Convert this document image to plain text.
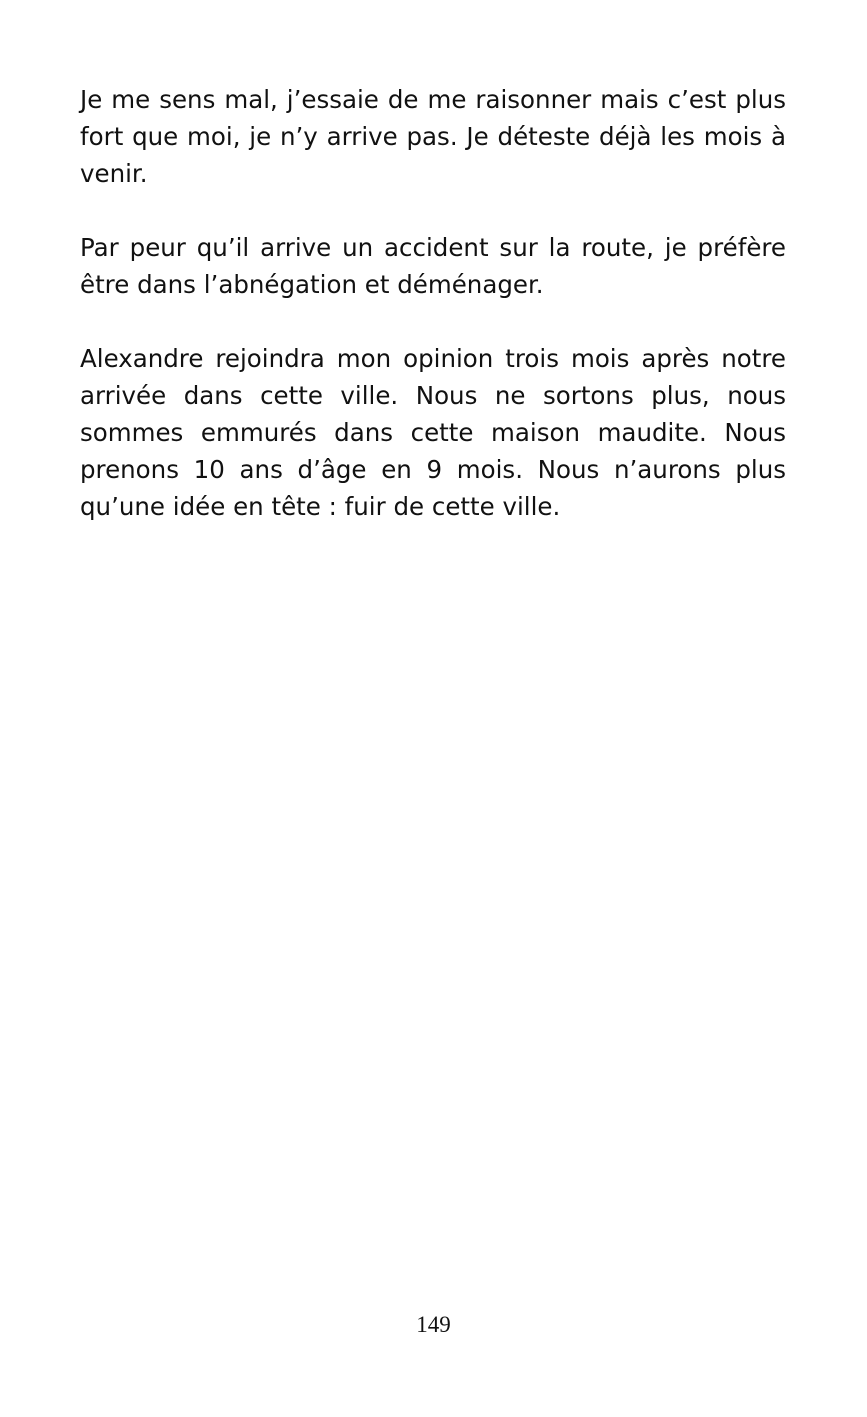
Je me sens mal, j’essaie de me raisonner mais c’est plus fort que moi, je n’y arrive pas. Je déteste déjà les mois à venir.

Par peur qu’il arrive un accident sur la route, je préfère être dans l’abnégation et déménager.

Alexandre rejoindra mon opinion trois mois après notre arrivée dans cette ville. Nous ne sortons plus, nous sommes emmurés dans cette maison maudite. Nous prenons 10 ans d’âge en 9 mois. Nous n’aurons plus qu’une idée en tête : fuir de cette ville.

149
